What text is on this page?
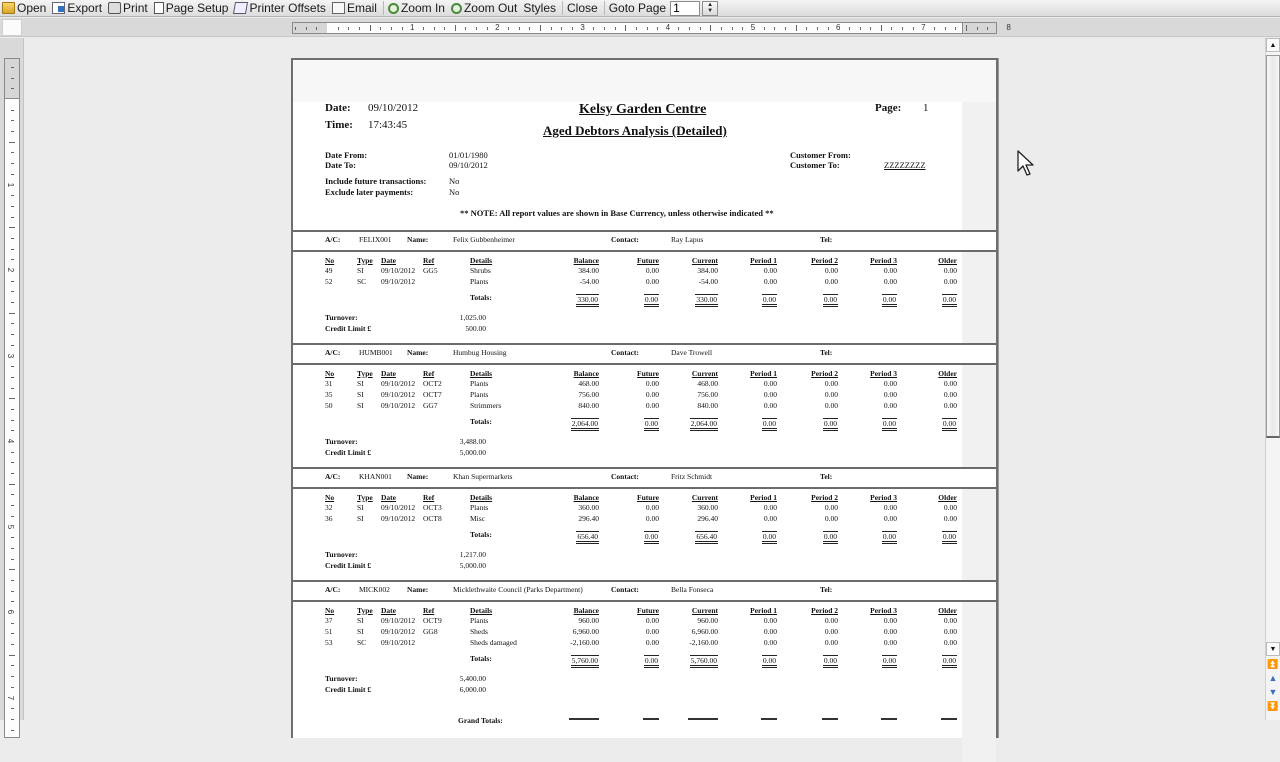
Open Export Print Page Setup Printer Offsets Email Zoom In Zoom Out Styles Close Goto Page
1	▲
▼
1	2	3	4	5	6	7	8
1
2
3
4
5
6
7
Date: 09/10/2012
Time: 17:43:45
Kelsy Garden Centre
Aged Debtors Analysis (Detailed)
Page: 1
Date From:	01/01/1980
Date To:	09/10/2012
Include future transactions:	No
Exclude later payments:	No
Customer From:
Customer To:	ZZZZZZZZ
** NOTE: All report values are shown in Base Currency, unless otherwise indicated **
A/C: FELIX001 Name:	Felix Gubbenheimer	Contact:	Ray Lapus	Tel:
No	Type Date	Ref	Details	Balance	Future	Current	Period 1	Period 2	Period 3	Older
49	SI 09/10/2012 GG5	Shrubs	384.00	0.00	384.00	0.00	0.00	0.00	0.00
52	SC 09/10/2012	Plants	-54.00	0.00	-54.00	0.00	0.00	0.00	0.00
Totals:	330.00	0.00	330.00	0.00	0.00	0.00	0.00
Turnover:	1,025.00
Credit Limit £	500.00
A/C: HUMB001 Name:	Humbug Housing	Contact:	Dave Trowell	Tel:
No	Type Date	Ref	Details	Balance	Future	Current	Period 1	Period 2	Period 3	Older
31	SI 09/10/2012 OCT2	Plants	468.00	0.00	468.00	0.00	0.00	0.00	0.00
35	SI 09/10/2012 OCT7	Plants	756.00	0.00	756.00	0.00	0.00	0.00	0.00
50	SI 09/10/2012 GG7	Strimmers	840.00	0.00	840.00	0.00	0.00	0.00	0.00
Totals:	2,064.00	0.00	2,064.00	0.00	0.00	0.00	0.00
Turnover:	3,488.00
Credit Limit £	5,000.00
A/C: KHAN001 Name:	Khan Supermarkets	Contact:	Fritz Schmidt	Tel:
No	Type Date	Ref	Details	Balance	Future	Current	Period 1	Period 2	Period 3	Older
32	SI 09/10/2012 OCT3	Plants	360.00	0.00	360.00	0.00	0.00	0.00	0.00
36	SI 09/10/2012 OCT8	Misc	296.40	0.00	296.40	0.00	0.00	0.00	0.00
Totals:	656.40	0.00	656.40	0.00	0.00	0.00	0.00
Turnover:	1,217.00
Credit Limit £	5,000.00
A/C: MICK002 Name:	Micklethwaite Council (Parks Department)	Contact:	Bella Fonseca	Tel:
No	Type Date	Ref	Details	Balance	Future	Current	Period 1	Period 2	Period 3	Older
37	SI 09/10/2012 OCT9	Plants	960.00	0.00	960.00	0.00	0.00	0.00	0.00
51	SI 09/10/2012 GG8	Sheds	6,960.00	0.00	6,960.00	0.00	0.00	0.00	0.00
53	SC 09/10/2012	Sheds damaged	-2,160.00	0.00	-2,160.00	0.00	0.00	0.00	0.00
Totals:	5,760.00	0.00	5,760.00	0.00	0.00	0.00	0.00
Turnover:	5,400.00
Credit Limit £	6,000.00
Grand Totals:
▲
▼
⏫
▲
▼
⏬
